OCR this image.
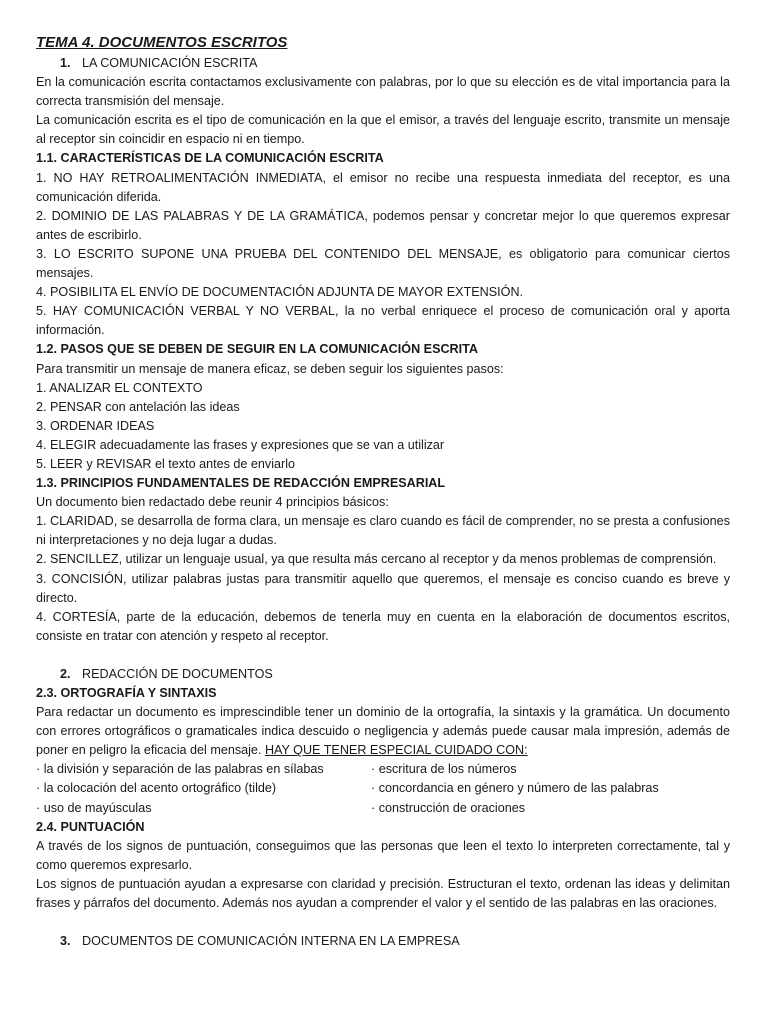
TEMA 4. DOCUMENTOS ESCRITOS
1. LA COMUNICACIÓN ESCRITA

En la comunicación escrita contactamos exclusivamente con palabras, por lo que su elección es de vital importancia para la correcta transmisión del mensaje.

La comunicación escrita es el tipo de comunicación en la que el emisor, a través del lenguaje escrito, transmite un mensaje al receptor sin coincidir en espacio ni en tiempo.

1.1. CARACTERÍSTICAS DE LA COMUNICACIÓN ESCRITA

1. NO HAY RETROALIMENTACIÓN INMEDIATA, el emisor no recibe una respuesta inmediata del receptor, es una comunicación diferida.

2. DOMINIO DE LAS PALABRAS Y DE LA GRAMÁTICA, podemos pensar y concretar mejor lo que queremos expresar antes de escribirlo.

3. LO ESCRITO SUPONE UNA PRUEBA DEL CONTENIDO DEL MENSAJE, es obligatorio para comunicar ciertos mensajes.

4. POSIBILITA EL ENVÍO DE DOCUMENTACIÓN ADJUNTA DE MAYOR EXTENSIÓN.

5. HAY COMUNICACIÓN VERBAL Y NO VERBAL, la no verbal enriquece el proceso de comunicación oral y aporta información.

1.2. PASOS QUE SE DEBEN DE SEGUIR EN LA COMUNICACIÓN ESCRITA

Para transmitir un mensaje de manera eficaz, se deben seguir los siguientes pasos:

1. ANALIZAR EL CONTEXTO

2. PENSAR con antelación las ideas

3. ORDENAR IDEAS

4. ELEGIR adecuadamente las frases y expresiones que se van a utilizar

5. LEER y REVISAR el texto antes de enviarlo

1.3. PRINCIPIOS FUNDAMENTALES DE REDACCIÓN EMPRESARIAL

Un documento bien redactado debe reunir 4 principios básicos:

1. CLARIDAD, se desarrolla de forma clara, un mensaje es claro cuando es fácil de comprender, no se presta a confusiones ni interpretaciones y no deja lugar a dudas.

2. SENCILLEZ, utilizar un lenguaje usual, ya que resulta más cercano al receptor y da menos problemas de comprensión.

3. CONCISIÓN, utilizar palabras justas para transmitir aquello que queremos, el mensaje es conciso cuando es breve y directo.

4. CORTESÍA, parte de la educación, debemos de tenerla muy en cuenta en la elaboración de documentos escritos, consiste en tratar con atención y respeto al receptor.

2. REDACCIÓN DE DOCUMENTOS

2.3. ORTOGRAFÍA Y SINTAXIS

Para redactar un documento es imprescindible tener un dominio de la ortografía, la sintaxis y la gramática. Un documento con errores ortográficos o gramaticales indica descuido o negligencia y además puede causar mala impresión, además de poner en peligro la eficacia del mensaje. HAY QUE TENER ESPECIAL CUIDADO CON:

· la división y separación de las palabras en sílabas	· escritura de los números
· la colocación del acento ortográfico (tilde)	· concordancia en género y número de las palabras
· uso de mayúsculas	· construcción de oraciones

2.4. PUNTUACIÓN

A través de los signos de puntuación, conseguimos que las personas que leen el texto lo interpreten correctamente, tal y como queremos expresarlo.

Los signos de puntuación ayudan a expresarse con claridad y precisión. Estructuran el texto, ordenan las ideas y delimitan frases y párrafos del documento. Además nos ayudan a comprender el valor y el sentido de las palabras en las oraciones.

3. DOCUMENTOS DE COMUNICACIÓN INTERNA EN LA EMPRESA
